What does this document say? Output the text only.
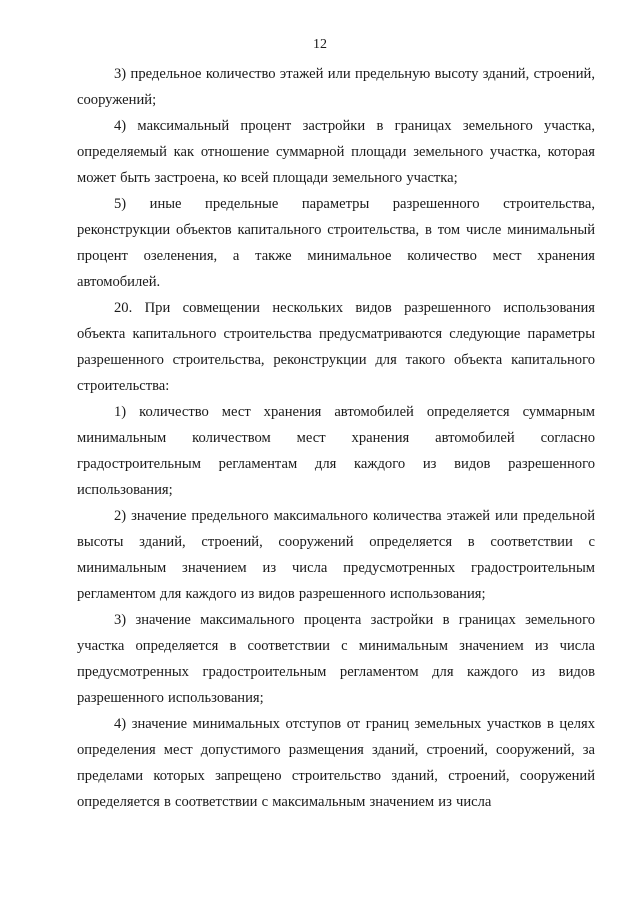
12

3) предельное количество этажей или предельную высоту зданий, строений, сооружений;

4) максимальный процент застройки в границах земельного участка, определяемый как отношение суммарной площади земельного участка, которая может быть застроена, ко всей площади земельного участка;

5) иные предельные параметры разрешенного строительства, реконструкции объектов капитального строительства, в том числе минимальный процент озеленения, а также минимальное количество мест хранения автомобилей.

20. При совмещении нескольких видов разрешенного использования объекта капитального строительства предусматриваются следующие параметры разрешенного строительства, реконструкции для такого объекта капитального строительства:

1) количество мест хранения автомобилей определяется суммарным минимальным количеством мест хранения автомобилей согласно градостроительным регламентам для каждого из видов разрешенного использования;

2) значение предельного максимального количества этажей или предельной высоты зданий, строений, сооружений определяется в соответствии с минимальным значением из числа предусмотренных градостроительным регламентом для каждого из видов разрешенного использования;

3) значение максимального процента застройки в границах земельного участка определяется в соответствии с минимальным значением из числа предусмотренных градостроительным регламентом для каждого из видов разрешенного использования;

4) значение минимальных отступов от границ земельных участков в целях определения мест допустимого размещения зданий, строений, сооружений, за пределами которых запрещено строительство зданий, строений, сооружений определяется в соответствии с максимальным значением из числа
